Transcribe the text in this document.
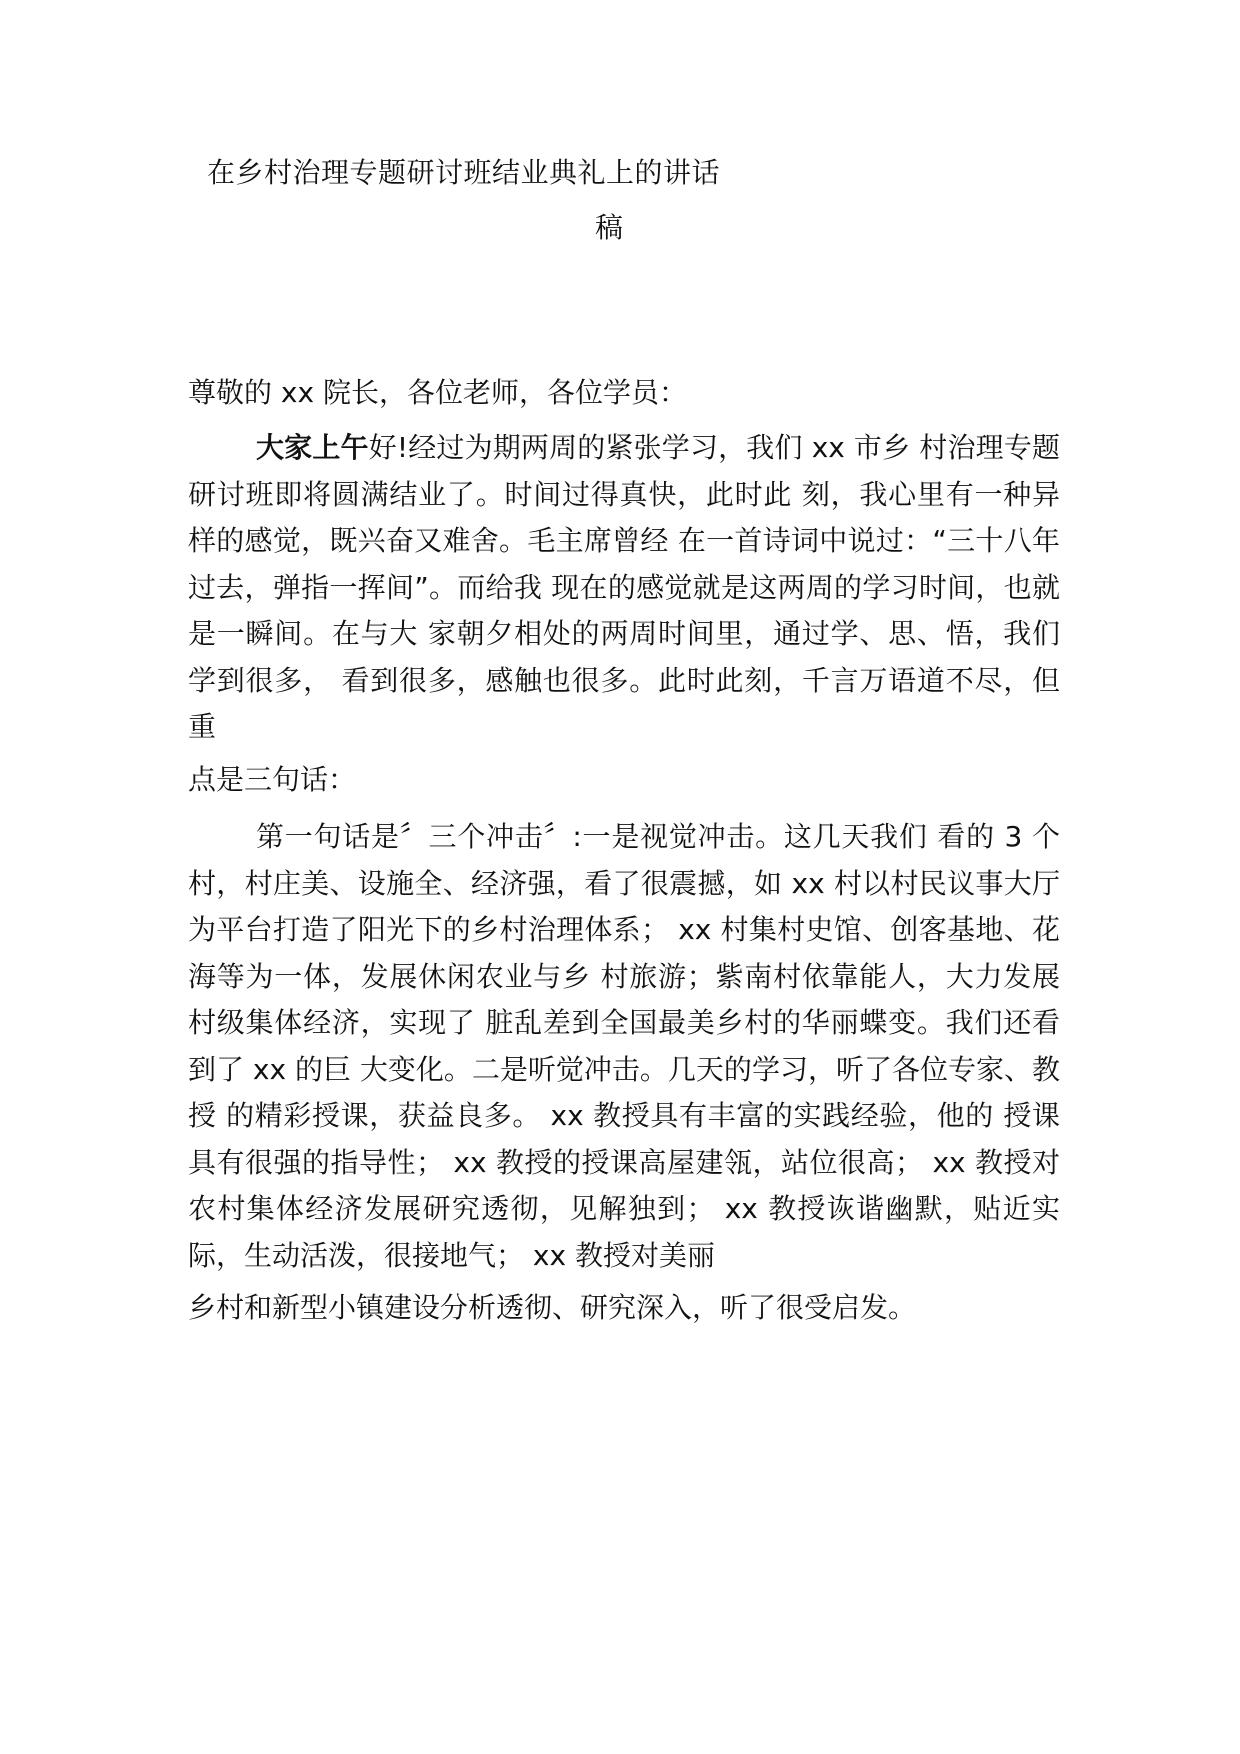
在乡村治理专题研讨班结业典礼上的讲话
稿
尊敬的 xx 院长，各位老师，各位学员：
大家上午好!经过为期两周的紧张学习，我们 xx 市乡 村治理专题研讨班即将圆满结业了。时间过得真快，此时此 刻，我心里有一种异样的感觉，既兴奋又难舍。毛主席曾经 在一首诗词中说过：“三十八年过去，弹指一挥间”。而给我 现在的感觉就是这两周的学习时间，也就是一瞬间。在与大 家朝夕相处的两周时间里，通过学、思、悟，我们学到很多， 看到很多，感触也很多。此时此刻，千言万语道不尽，但重
点是三句话：
第一句话是〞三个冲击〞:一是视觉冲击。这几天我们 看的 3 个村，村庄美、设施全、经济强，看了很震撼，如 xx 村以村民议事大厅为平台打造了阳光下的乡村治理体系； xx 村集村史馆、创客基地、花海等为一体，发展休闲农业与乡 村旅游；紫南村依靠能人，大力发展村级集体经济，实现了 脏乱差到全国最美乡村的华丽蝶变。我们还看到了 xx 的巨 大变化。二是听觉冲击。几天的学习，听了各位专家、教授 的精彩授课，获益良多。 xx 教授具有丰富的实践经验，他的 授课具有很强的指导性； xx 教授的授课高屋建瓴，站位很高； xx 教授对农村集体经济发展研究透彻，见解独到； xx 教授诙谐幽默，贴近实际，生动活泼，很接地气； xx 教授对美丽
乡村和新型小镇建设分析透彻、研究深入，听了很受启发。
